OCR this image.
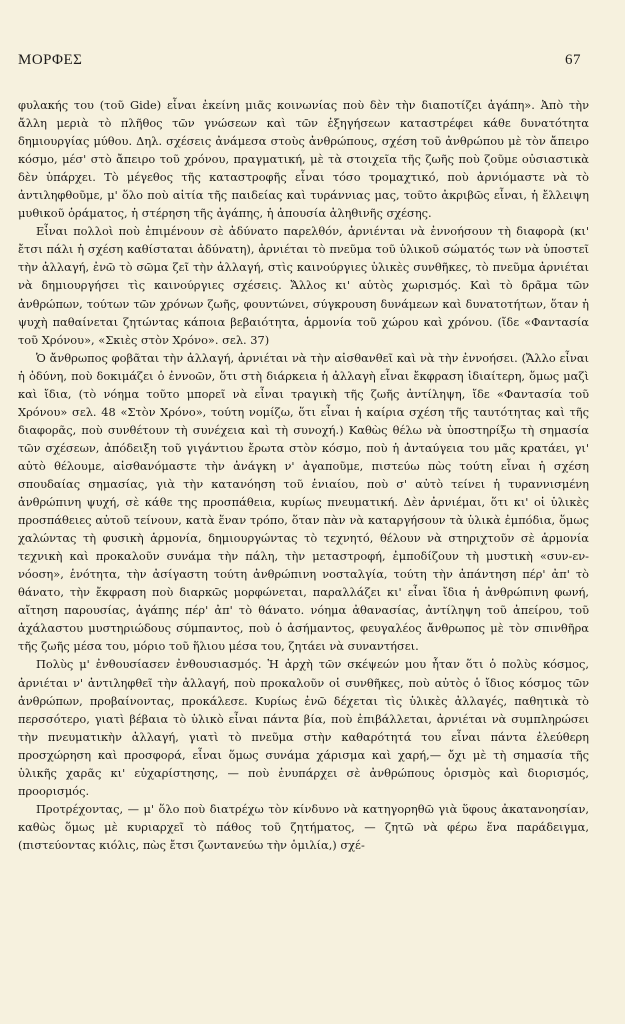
ΜΟΡΦΕΣ	67

φυλακής του (τοῦ Gide) εἶναι ἐκείνη μιᾶς κοινωνίας ποὺ δὲν τὴν διαποτίζει ἀγάπη». Ἀπὸ τὴν ἄλλη μεριὰ τὸ πλῆθος τῶν γνώσεων καὶ τῶν ἐξηγήσεων καταστρέφει κάθε δυνατότητα δημιουργίας μύθου. Δηλ. σχέσεις ἀνάμεσα στοὺς ἀνθρώπους, σχέση τοῦ ἀνθρώπου μὲ τὸν ἄπειρο κόσμο, μέσ' στὸ ἄπειρο τοῦ χρόνου, πραγματική, μὲ τὰ στοιχεῖα τῆς ζωῆς ποὺ ζοῦμε οὐσιαστικὰ δὲν ὑπάρχει. Τὸ μέγεθος τῆς καταστροφῆς εἶναι τόσο τρομαχτικό, ποὺ ἀρνιόμαστε νὰ τὸ ἀντιληφθοῦμε, μ' ὅλο ποὺ αἰτία τῆς παιδείας καὶ τυράννιας μας, τοῦτο ἀκριβῶς εἶναι, ἡ ἔλλειψη μυθικοῦ ὁράματος, ἡ στέρηση τῆς ἀγάπης, ἡ ἀπουσία ἀληθινῆς σχέσης.

Εἶναι πολλοὶ ποὺ ἐπιμένουν σὲ ἀδύνατο παρελθόν, ἀρνιένται νὰ ἐννοήσουν τὴ διαφορὰ (κι' ἔτσι πάλι ἡ σχέση καθίσταται ἀδύνατη), ἀρνιέται τὸ πνεῦμα τοῦ ὑλικοῦ σώματός των νὰ ὑποστεῖ τὴν ἀλλαγή, ἐνῶ τὸ σῶμα ζεῖ τὴν ἀλλαγή, στὶς καινούργιες ὑλικὲς συνθῆκες, τὸ πνεῦμα ἀρνιέται νὰ δημιουργήσει τὶς καινούργιες σχέσεις. Ἄλλος κι' αὐτὸς χωρισμός. Καὶ τὸ δρᾶμα τῶν ἀνθρώπων, τούτων τῶν χρόνων ζωῆς, φουντώνει, σύγκρουση δυνάμεων καὶ δυνατοτήτων, ὅταν ἡ ψυχὴ παθαίνεται ζητώντας κάποια βεβαιότητα, ἁρμονία τοῦ χώρου καὶ χρόνου. (ἴδε «Φαντασία τοῦ Χρόνου», «Σκιὲς στὸν Χρόνο». σελ. 37)

Ὁ ἄνθρωπος φοβᾶται τὴν ἀλλαγή, ἀρνιέται νὰ τὴν αἰσθανθεῖ καὶ νὰ τὴν ἐννοήσει. (Ἄλλο εἶναι ἡ ὀδύνη, ποὺ δοκιμάζει ὁ ἐννοῶν, ὅτι στὴ διάρκεια ἡ ἀλλαγὴ εἶναι ἔκφραση ἰδιαίτερη, ὅμως μαζὶ καὶ ἴδια, (τὸ νόημα τοῦτο μπορεῖ νὰ εἶναι τραγικὴ τῆς ζωῆς ἀντίληψη, ἴδε «Φαντασία τοῦ Χρόνου» σελ. 48 «Στὸν Χρόνο», τούτη νομίζω, ὅτι εἶναι ἡ καίρια σχέση τῆς ταυτότητας καὶ τῆς διαφορᾶς, ποὺ συνθέτουν τὴ συνέχεια καὶ τὴ συνοχή.) Καθὼς θέλω νὰ ὑποστηρίξω τὴ σημασία τῶν σχέσεων, ἀπόδειξη τοῦ γιγάντιου ἔρωτα στὸν κόσμο, ποὺ ἡ ἀνταύγεια του μᾶς κρατάει, γι' αὐτὸ θέλουμε, αἰσθανόμαστε τὴν ἀνάγκη ν' ἀγαποῦμε, πιστεύω πὼς τούτη εἶναι ἡ σχέση σπουδαίας σημασίας, γιὰ τὴν κατανόηση τοῦ ἑνιαίου, ποὺ σ' αὐτὸ τείνει ἡ τυραννισμένη ἀνθρώπινη ψυχή, σὲ κάθε της προσπάθεια, κυρίως πνευματική. Δὲν ἀρνιέμαι, ὅτι κι' οἱ ὑλικὲς προσπάθειες αὐτοῦ τείνουν, κατὰ ἕναν τρόπο, ὅταν πὰν νὰ καταργήσουν τὰ ὑλικὰ ἐμπόδια, ὅμως χαλώντας τὴ φυσικὴ ἁρμονία, δημιουργώντας τὸ τεχνητό, θέλουν νὰ στηριχτοῦν σὲ ἁρμονία τεχνικὴ καὶ προκαλοῦν συνάμα τὴν πάλη, τὴν μεταστροφή, ἐμποδίζουν τὴ μυστικὴ «συν-εν-νόοση», ἑνότητα, τὴν ἀσίγαστη τούτη ἀνθρώπινη νοσταλγία, τούτη τὴν ἀπάντηση πέρ' ἀπ' τὸ θάνατο, τὴν ἔκφραση ποὺ διαρκῶς μορφώνεται, παραλλάζει κι' εἶναι ἴδια ἡ ἀνθρώπινη φωνή, αἴτηση παρουσίας, ἀγάπης πέρ' ἀπ' τὸ θάνατο. νόημα ἀθανασίας, ἀντίληψη τοῦ ἀπείρου, τοῦ ἀχάλαστου μυστηριώδους σύμπαντος, ποὺ ὁ ἀσήμαντος, φευγαλέος ἄνθρωπος μὲ τὸν σπινθῆρα τῆς ζωῆς μέσα του, μόριο τοῦ ἥλιου μέσα του, ζητάει νὰ συναντήσει.

Πολὺς μ' ἐνθουσίασεν ἐνθουσιασμός. Ἡ ἀρχὴ τῶν σκέψεών μου ἦταν ὅτι ὁ πολὺς κόσμος, ἀρνιέται ν' ἀντιληφθεῖ τὴν ἀλλαγή, ποὺ προκαλοῦν οἱ συνθῆκες, ποὺ αὐτὸς ὁ ἴδιος κόσμος τῶν ἀνθρώπων, προβαίνοντας, προκάλεσε. Κυρίως ἐνῶ δέχεται τὶς ὑλικὲς ἀλλαγές, παθητικὰ τὸ περσσότερο, γιατὶ βέβαια τὸ ὑλικὸ εἶναι πάντα βία, ποὺ ἐπιβάλλεται, ἀρνιέται νὰ συμπληρώσει τὴν πνευματικὴν ἀλλαγή, γιατὶ τὸ πνεῦμα στὴν καθαρότητά του εἶναι πάντα ἐλεύθερη προσχώρηση καὶ προσφορά, εἶναι ὅμως συνάμα χάρισμα καὶ χαρή,— ὄχι μὲ τὴ σημασία τῆς ὑλικῆς χαρᾶς κι' εὐχαρίστησης, — ποὺ ἐνυπάρχει σὲ ἀνθρώπους ὁρισμὸς καὶ διορισμός, προορισμός.

Προτρέχοντας, — μ' ὅλο ποὺ διατρέχω τὸν κίνδυνο νὰ κατηγορηθῶ γιὰ ὕφους ἀκατανοησίαν, καθὼς ὅμως μὲ κυριαρχεῖ τὸ πάθος τοῦ ζητήματος, — ζητῶ νὰ φέρω ἕνα παράδειγμα, (πιστεύοντας κιόλις, πὼς ἔτσι ζωντανεύω τὴν ὁμιλία,) σχέ-
